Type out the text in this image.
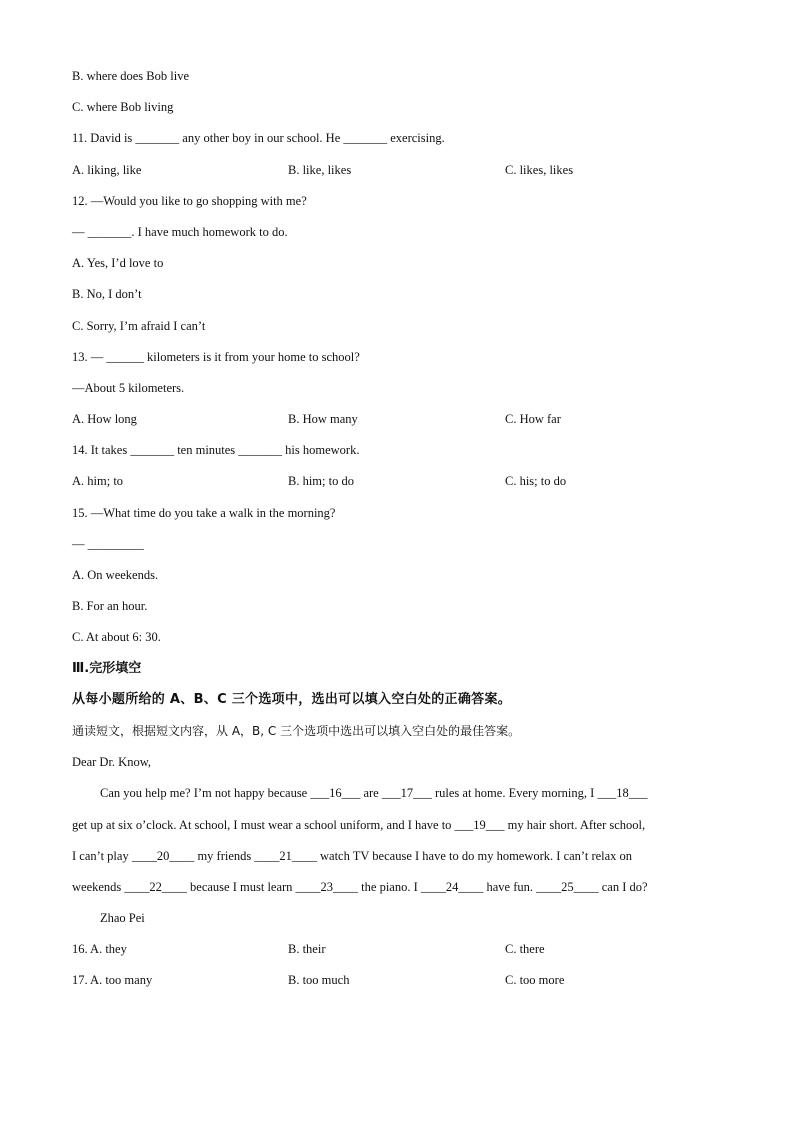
B. where does Bob live
C. where Bob living
11. David is _______ any other boy in our school. He _______ exercising.
A. liking, like	B. like, likes	C. likes, likes
12. —Would you like to go shopping with me?
— _______. I have much homework to do.
A. Yes, I’d love to
B. No, I don’t
C. Sorry, I’m afraid I can’t
13. — ______ kilometers is it from your home to school?
—About 5 kilometers.
A. How long	B. How many	C. How far
14. It takes _______ ten minutes _______ his homework.
A. him; to	B. him; to do	C. his; to do
15. —What time do you take a walk in the morning?
— _________
A. On weekends.
B. For an hour.
C. At about 6: 30.
Ⅲ.完形填空
从每小题所给的 A、B、C 三个选项中，选出可以填入空白处的正确答案。
通读短文，根据短文内容，从 A，B, C 三个选项中选出可以填入空白处的最佳答案。
Dear Dr. Know,
Can you help me? I’m not happy because ___16___ are ___17___ rules at home. Every morning, I ___18___
get up at six o’clock. At school, I must wear a school uniform, and I have to ___19___ my hair short. After school,
I can’t play ____20____ my friends ____21____ watch TV because I have to do my homework. I can’t relax on
weekends ____22____ because I must learn ____23____ the piano. I ____24____ have fun. ____25____ can I do?
Zhao Pei
16. A. they	B. their	C. there
17. A. too many	B. too much	C. too more
